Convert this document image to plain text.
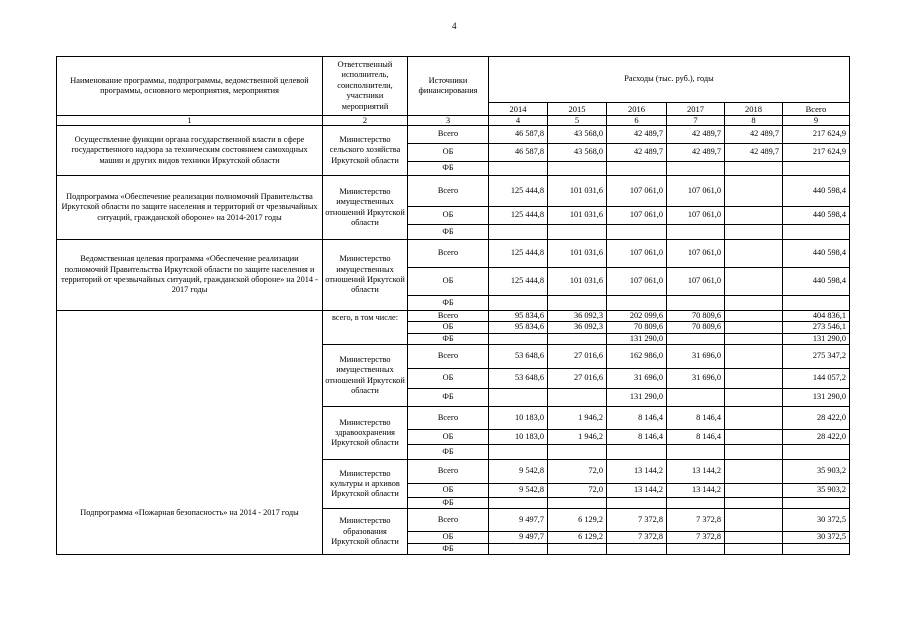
4
Наименование программы, подпрограммы, ведомственной целевой программы, основного мероприятия, мероприятия	Ответственный исполнитель, соисполнители, участники мероприятий	Источники финансирования	Расходы (тыс. руб.), годы					
			2014	2015	2016	2017	2018	Всего
1	2	3	4	5	6	7	8	9
Осуществление функции органа государственной власти в сфере государственного надзора за техническим состоянием самоходных машин и других видов техники Иркутской области	Министерство сельского хозяйства Иркутской области	Всего	46 587,8	43 568,0	42 489,7	42 489,7	42 489,7	217 624,9
		ОБ	46 587,8	43 568,0	42 489,7	42 489,7	42 489,7	217 624,9
		ФБ						
Подпрограмма «Обеспечение реализации полномочий Правительства Иркутской области по защите населения и территорий от чрезвычайных ситуаций, гражданской обороне» на 2014-2017 годы	Министерство имущественных отношений Иркутской области	Всего	125 444,8	101 031,6	107 061,0	107 061,0		440 598,4
		ОБ	125 444,8	101 031,6	107 061,0	107 061,0		440 598,4
		ФБ						
Ведомственная целевая программа «Обеспечение реализации полномочий Правительства Иркутской области по защите населения и территорий от чрезвычайных ситуаций, гражданской обороне» на 2014 - 2017 годы	Министерство имущественных отношений Иркутской области	Всего	125 444,8	101 031,6	107 061,0	107 061,0		440 598,4
		ОБ	125 444,8	101 031,6	107 061,0	107 061,0		440 598,4
		ФБ						
Подпрограмма «Пожарная безопасность» на 2014 - 2017 годы	всего, в том числе:	Всего	95 834,6	36 092,3	202 099,6	70 809,6		404 836,1
		ОБ	95 834,6	36 092,3	70 809,6	70 809,6		273 546,1
		ФБ			131 290,0			131 290,0
	Министерство имущественных отношений Иркутской области	Всего	53 648,6	27 016,6	162 986,0	31 696,0		275 347,2
		ОБ	53 648,6	27 016,6	31 696,0	31 696,0		144 057,2
		ФБ			131 290,0			131 290,0
	Министерство здравоохранения Иркутской области	Всего	10 183,0	1 946,2	8 146,4	8 146,4		28 422,0
		ОБ	10 183,0	1 946,2	8 146,4	8 146,4		28 422,0
		ФБ						
	Министерство культуры и архивов Иркутской области	Всего	9 542,8	72,0	13 144,2	13 144,2		35 903,2
		ОБ	9 542,8	72,0	13 144,2	13 144,2		35 903,2
		ФБ						
	Министерство образования Иркутской области	Всего	9 497,7	6 129,2	7 372,8	7 372,8		30 372,5
		ОБ	9 497,7	6 129,2	7 372,8	7 372,8		30 372,5
		ФБ						
